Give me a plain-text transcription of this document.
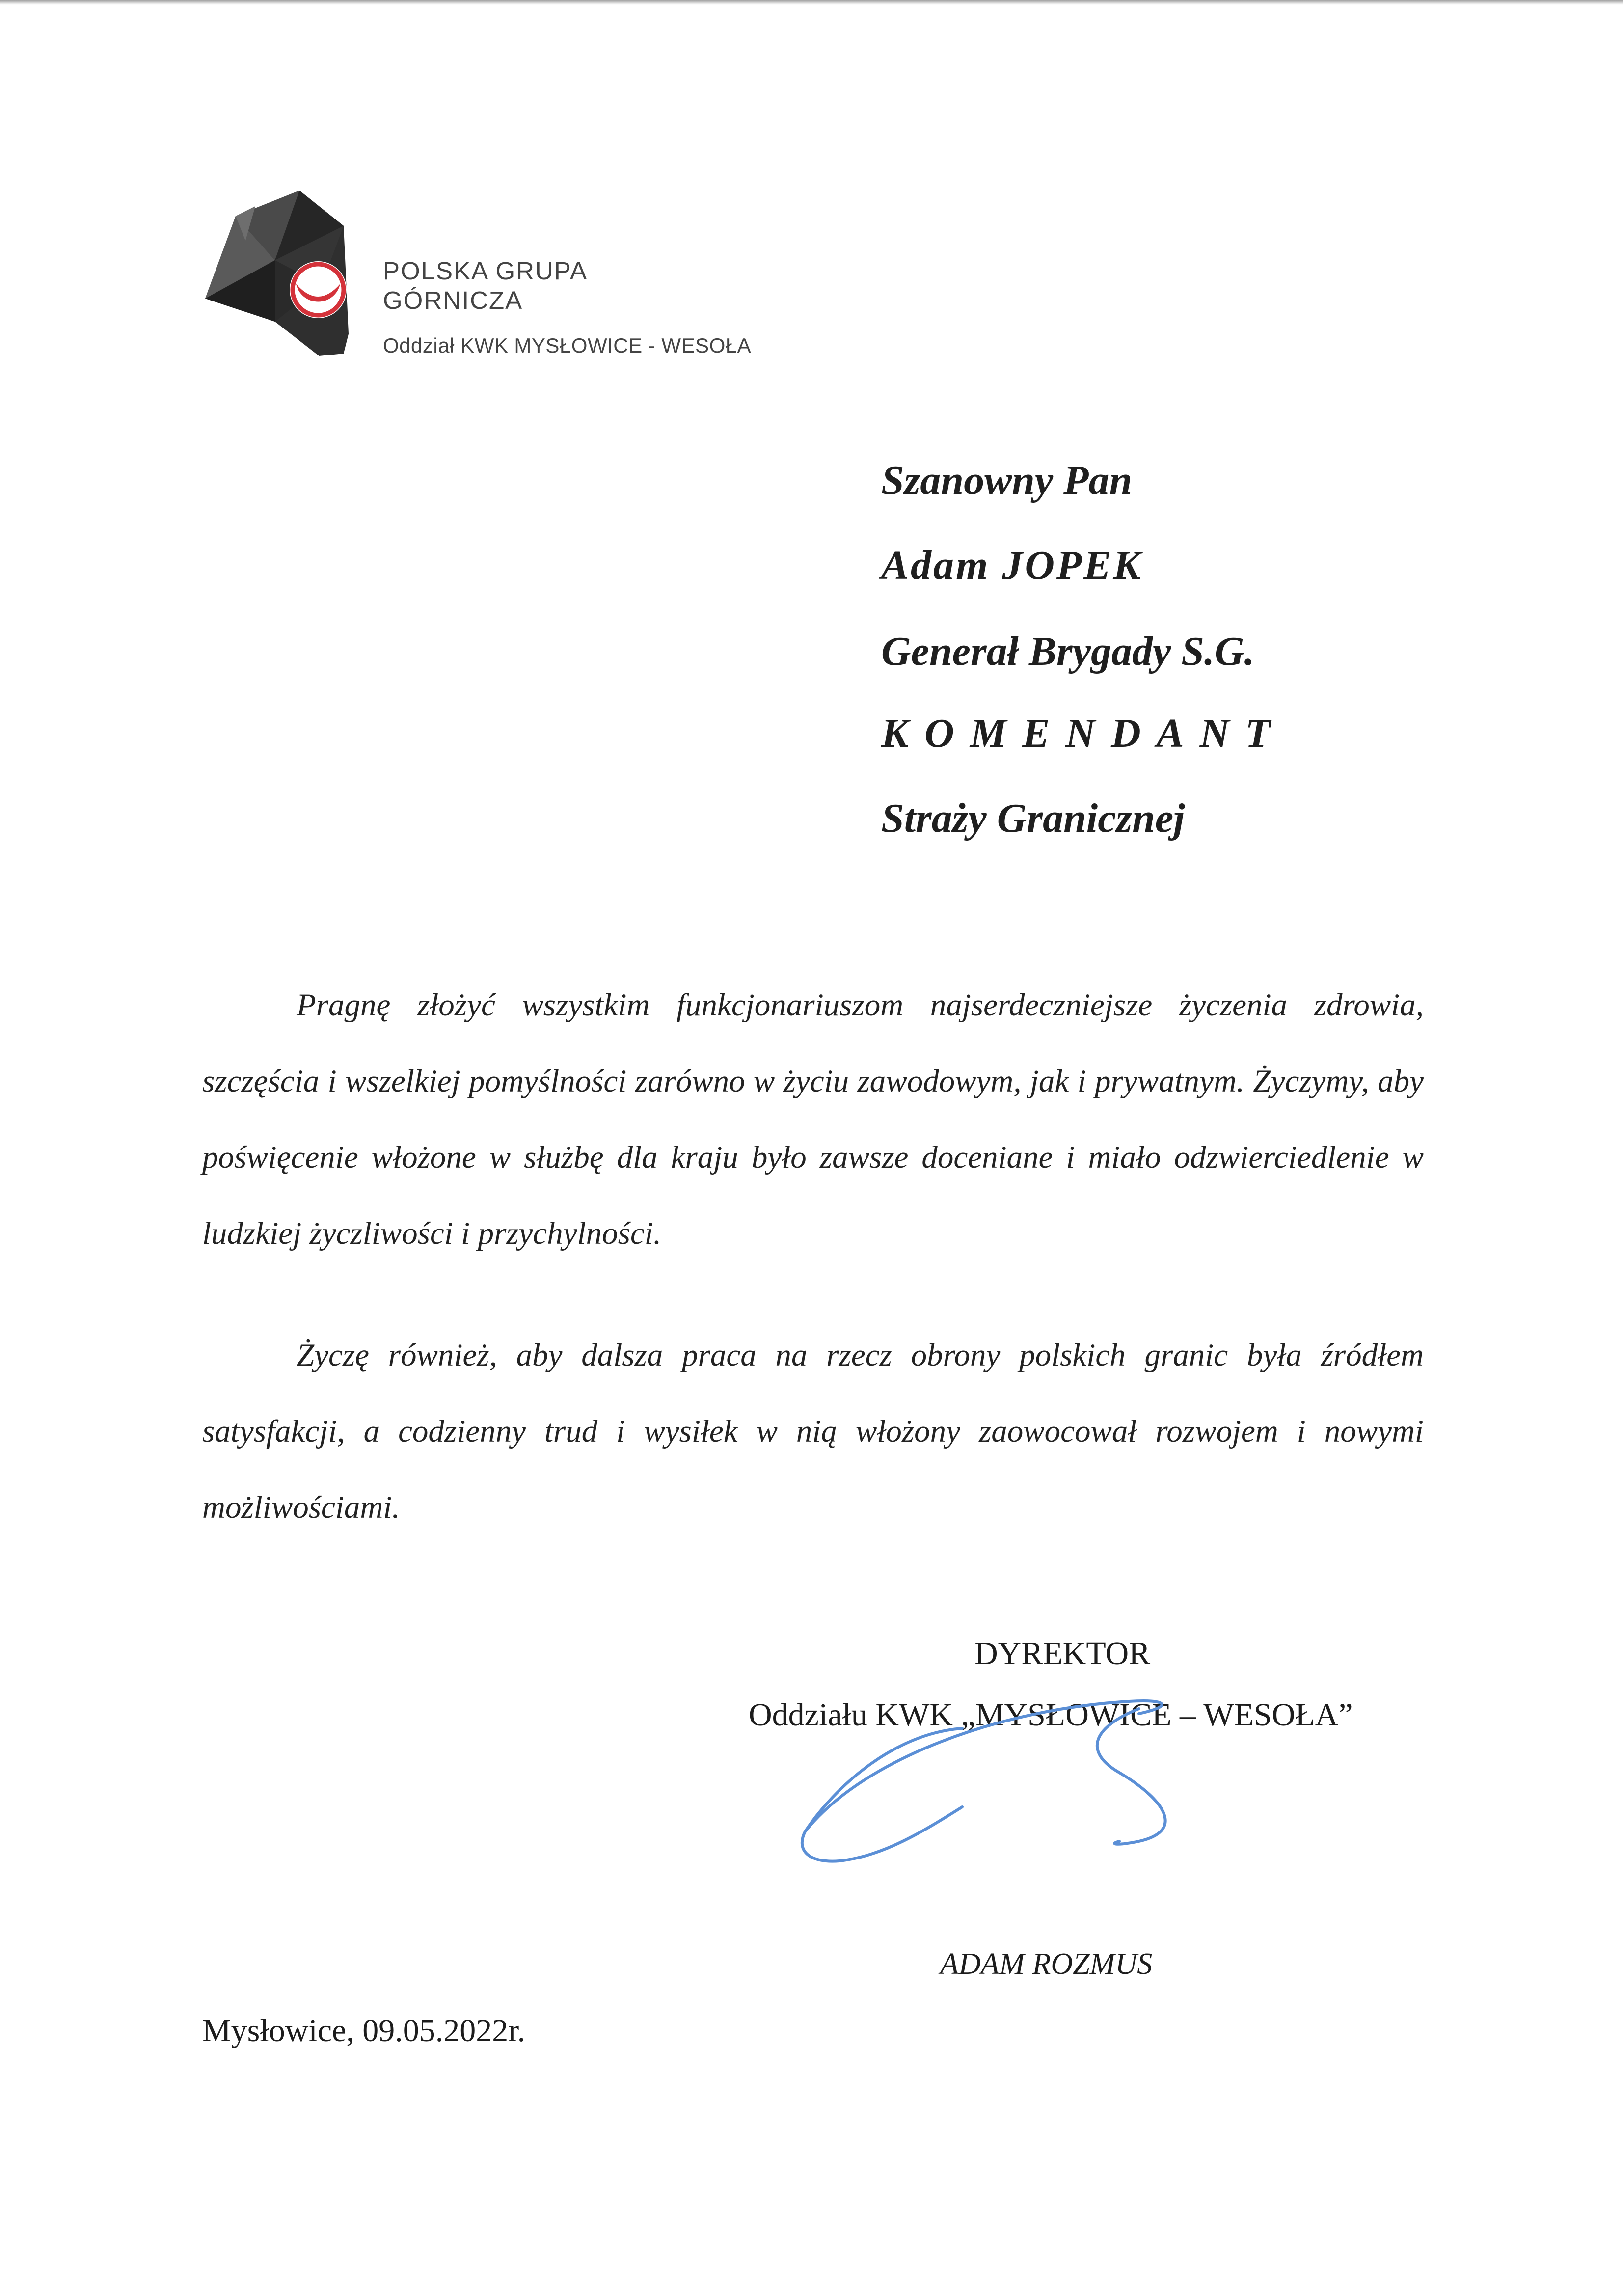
POLSKA GRUPA
GÓRNICZA
Oddział KWK MYSŁOWICE - WESOŁA
Szanowny Pan
Adam JOPEK
Generał Brygady S.G.
KOMENDANT
Straży Granicznej

Pragnę złożyć wszystkim funkcjonariuszom najserdeczniejsze życzenia zdrowia, szczęścia i wszelkiej pomyślności zarówno w życiu zawodowym, jak i prywatnym. Życzymy, aby poświęcenie włożone w służbę dla kraju było zawsze doceniane i miało odzwierciedlenie w ludzkiej życzliwości i przychylności.

Życzę również, aby dalsza praca na rzecz obrony polskich granic była źródłem satysfakcji, a codzienny trud i wysiłek w nią włożony zaowocował rozwojem i nowymi możliwościami.

DYREKTOR
Oddziału KWK „MYSŁOWICE – WESOŁA”
ADAM ROZMUS
Mysłowice, 09.05.2022r.
